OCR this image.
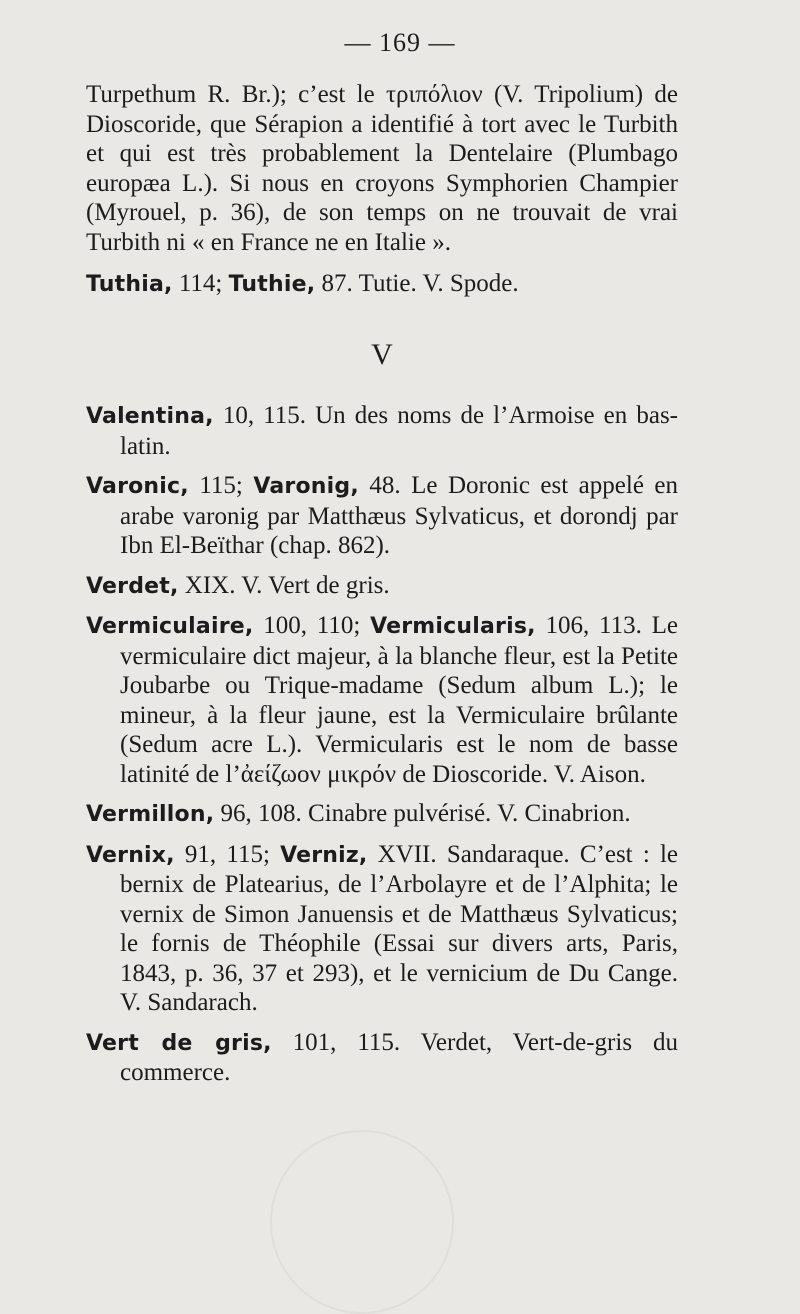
— 169 —

Turpethum R. Br.); c’est le τριπόλιον (V. Tripolium) de Dioscoride, que Sérapion a identifié à tort avec le Turbith et qui est très probablement la Dentelaire (Plumbago europæa L.). Si nous en croyons Symphorien Champier (Myrouel, p. 36), de son temps on ne trouvait de vrai Turbith ni « en France ne en Italie ».

Tuthia, 114; Tuthie, 87. Tutie. V. Spode.

V

Valentina, 10, 115. Un des noms de l’Armoise en bas-latin.

Varonic, 115; Varonig, 48. Le Doronic est appelé en arabe varonig par Matthæus Sylvaticus, et dorondj par Ibn El-Beïthar (chap. 862).

Verdet, XIX. V. Vert de gris.

Vermiculaire, 100, 110; Vermicularis, 106, 113. Le vermiculaire dict majeur, à la blanche fleur, est la Petite Joubarbe ou Trique-madame (Sedum album L.); le mineur, à la fleur jaune, est la Vermiculaire brûlante (Sedum acre L.). Vermicularis est le nom de basse latinité de l’ἀείζωον μικρόν de Dioscoride. V. Aison.

Vermillon, 96, 108. Cinabre pulvérisé. V. Cinabrion.

Vernix, 91, 115; Verniz, XVII. Sandaraque. C’est : le bernix de Platearius, de l’Arbolayre et de l’Alphita; le vernix de Simon Januensis et de Matthæus Sylvaticus; le fornis de Théophile (Essai sur divers arts, Paris, 1843, p. 36, 37 et 293), et le vernicium de Du Cange. V. Sandarach.

Vert de gris, 101, 115. Verdet, Vert-de-gris du commerce.
